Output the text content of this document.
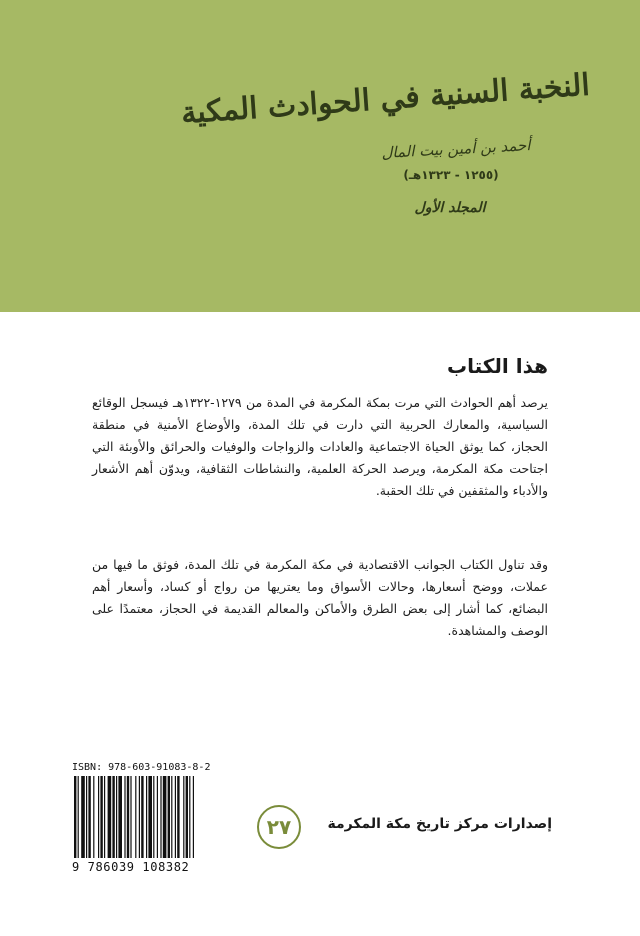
النخبة السنية في الحوادث المكية
أحمد بن أمين بيت المال
(١٢٥٥ - ١٣٢٣هـ)
المجلد الأول
هذا الكتاب

يرصد أهم الحوادث التي مرت بمكة المكرمة في المدة من ١٢٧٩-١٣٢٢هـ فيسجل الوقائع السياسية، والمعارك الحربية التي دارت في تلك المدة، والأوضاع الأمنية في منطقة الحجاز، كما يوثق الحياة الاجتماعية والعادات والزواجات والوفيات والحرائق والأوبئة التي اجتاحت مكة المكرمة، ويرصد الحركة العلمية، والنشاطات الثقافية، ويدوّن أهم الأشعار والأدباء والمثقفين في تلك الحقبة.

وقد تناول الكتاب الجوانب الاقتصادية في مكة المكرمة في تلك المدة، فوثق ما فيها من عملات، ووضح أسعارها، وحالات الأسواق وما يعتريها من رواج أو كساد، وأسعار أهم البضائع، كما أشار إلى بعض الطرق والأماكن والمعالم القديمة في الحجاز، معتمدًا على الوصف والمشاهدة.

ISBN: 978-603-91083-8-2
9 786039 108382
٢٧	إصدارات مركز تاريخ مكة المكرمة
